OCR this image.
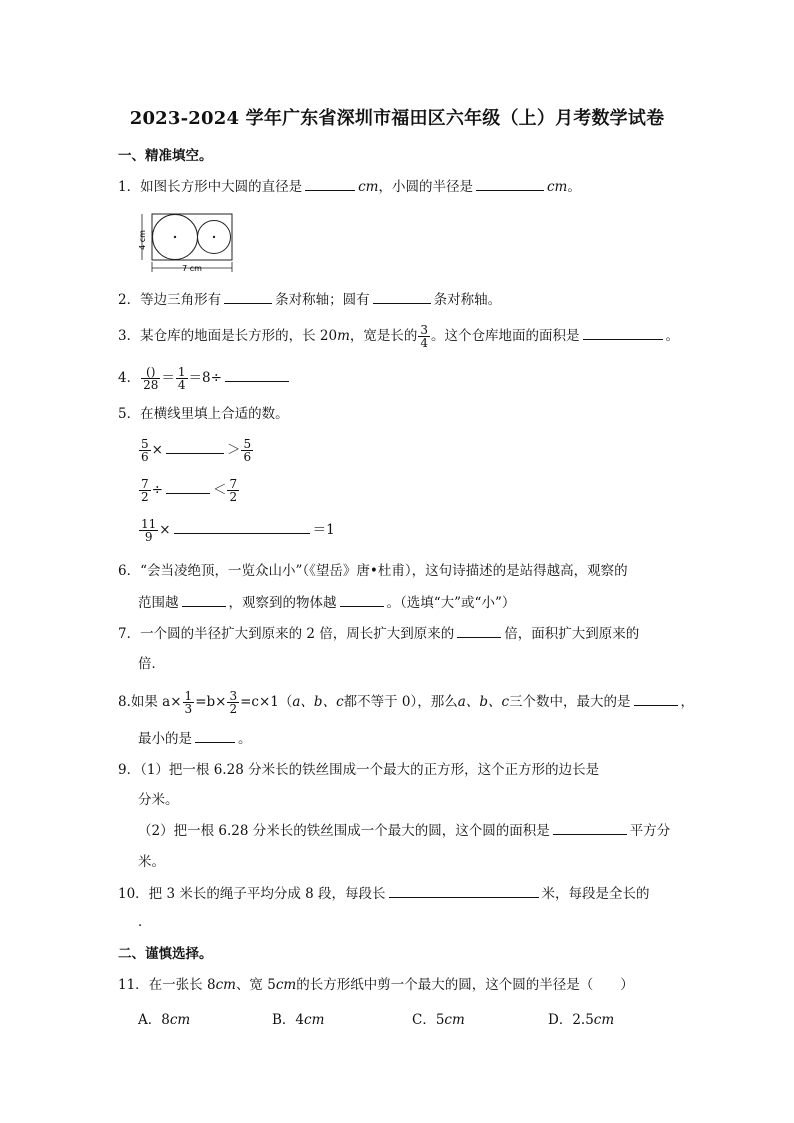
2023-2024 学年广东省深圳市福田区六年级（上）月考数学试卷
一、精准填空。
1．如图长方形中大圆的直径是	cm，小圆的半径是	cm。
4 cm
7 cm
2．等边三角形有	条对称轴；圆有	条对称轴。
3．某仓库的地面是长方形的，长 20m，宽是长的 $\frac{3}{4}$ 。这个仓库地面的面积是	。
4． $\frac{()}{28} = \frac{1}{4} =8\div$
5．在横线里填上合适的数。
$\frac{5}{6}$ ×	＞ $\frac{5}{6}$
$\frac{7}{2}$ ÷	＜ $\frac{7}{2}$
$\frac{11}{9}$ ×	＝1
6．“会当凌绝顶，一览众山小”（《望岳》唐•杜甫），这句诗描述的是站得越高，观察的
范围越	，观察到的物体越	。（选填“大”或“小”）
7．一个圆的半径扩大到原来的 2 倍，周长扩大到原来的	倍，面积扩大到原来的
倍．
8.如果 $a\times \frac{1}{3} =b\times \frac{3}{2} =c\times 1(a$、b、c都不等于 0），那么a、b、c三个数中，最大的是	，
最小的是	。
9．（1）把一根 6.28 分米长的铁丝围成一个最大的正方形，这个正方形的边长是
分米。
（2）把一根 6.28 分米长的铁丝围成一个最大的圆，这个圆的面积是	平方分
米。
10．把 3 米长的绳子平均分成 8 段，每段长	米，每段是全长的
．
二、谨慎选择。
11．在一张长 8cm、宽 5cm的长方形纸中剪一个最大的圆，这个圆的半径是（　　）
A．8cm	B．4cm	C．5cm	D．2.5cm
